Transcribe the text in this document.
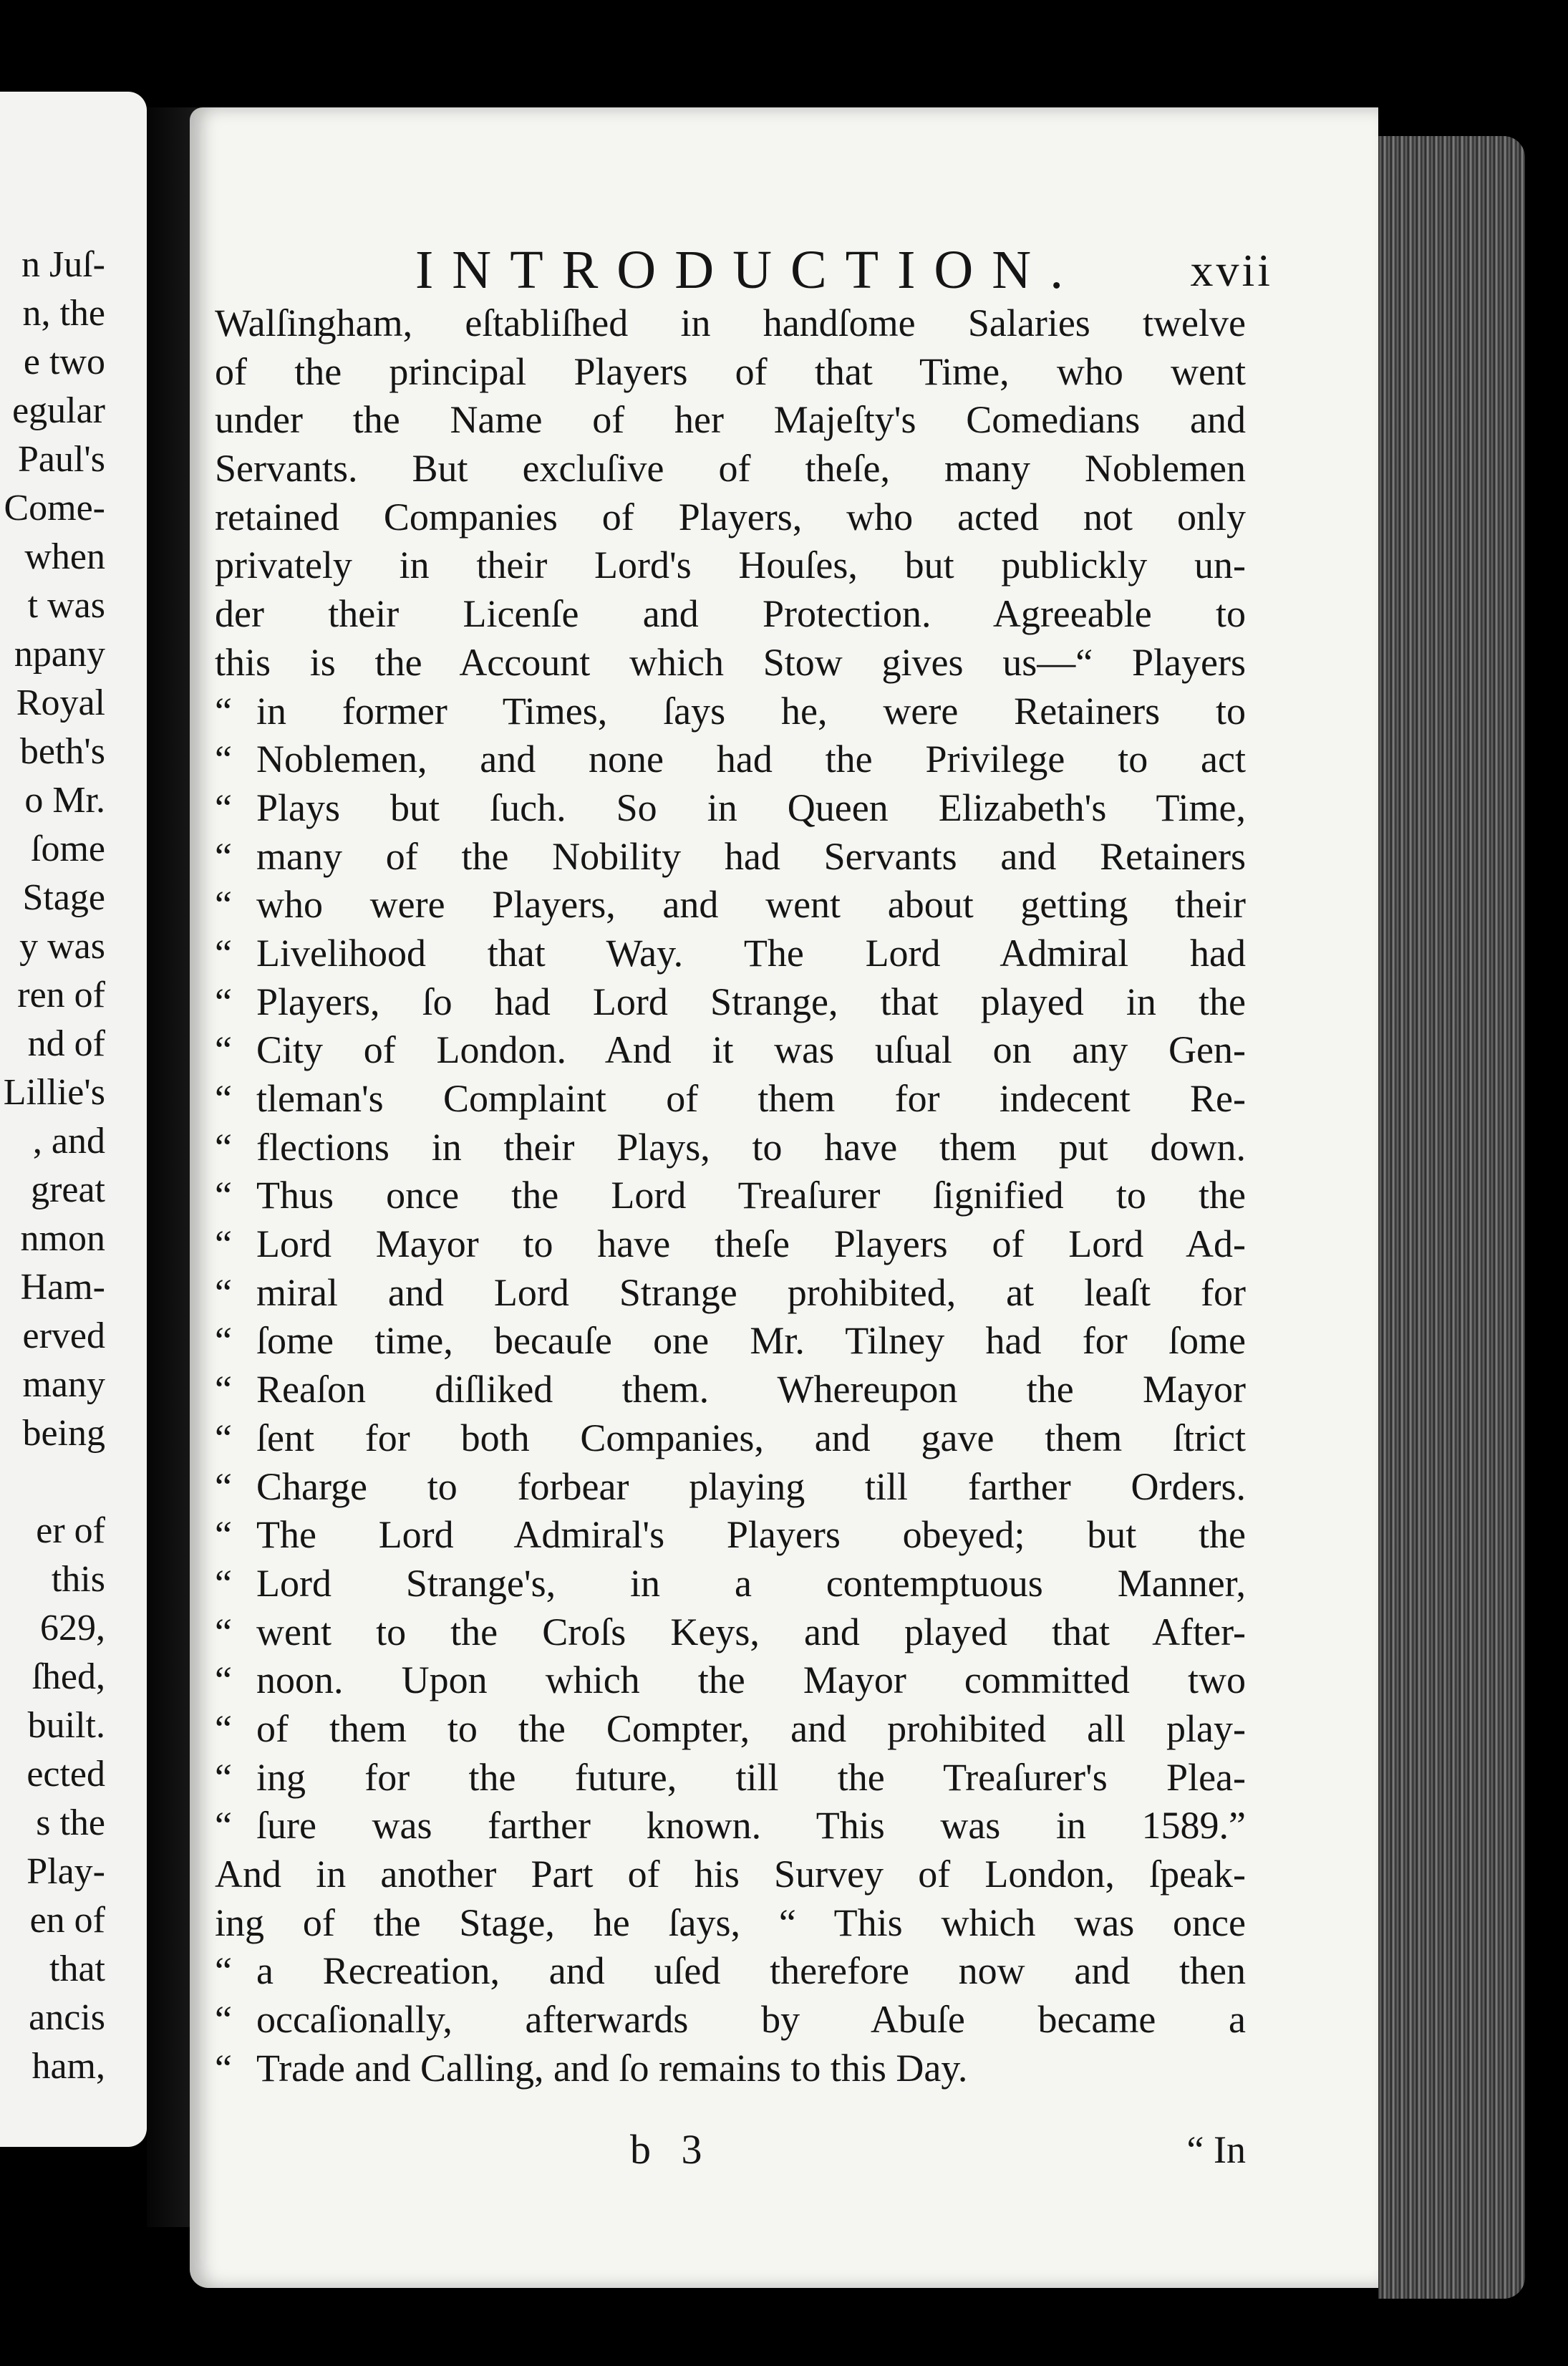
n Juſ-
n, the
e two
egular
Paul's
Come-
when
t was
npany
Royal
beth's
o Mr.
ſome
Stage
y was
ren of
nd of
Lillie's
, and
great
nmon
Ham-
erved
many
being
er of
this
629,
ſhed,
built.
ected
s the
Play-
en of
that
ancis
ham,
INTRODUCTION. xvii
Walſingham, eſtabliſhed in handſome Salaries twelve
of the principal Players of that Time, who went
under the Name of her Majeſty's Comedians and
Servants. But excluſive of theſe, many Noblemen
retained Companies of Players, who acted not only
privately in their Lord's Houſes, but publickly un-
der their Licenſe and Protection. Agreeable to
this is the Account which Stow gives us—“ Players
“ in former Times, ſays he, were Retainers to
“ Noblemen, and none had the Privilege to act
“ Plays but ſuch. So in Queen Elizabeth's Time,
“ many of the Nobility had Servants and Retainers
“ who were Players, and went about getting their
“ Livelihood that Way. The Lord Admiral had
“ Players, ſo had Lord Strange, that played in the
“ City of London. And it was uſual on any Gen-
“ tleman's Complaint of them for indecent Re-
“ flections in their Plays, to have them put down.
“ Thus once the Lord Treaſurer ſignified to the
“ Lord Mayor to have theſe Players of Lord Ad-
“ miral and Lord Strange prohibited, at leaſt for
“ ſome time, becauſe one Mr. Tilney had for ſome
“ Reaſon diſliked them. Whereupon the Mayor
“ ſent for both Companies, and gave them ſtrict
“ Charge to forbear playing till farther Orders.
“ The Lord Admiral's Players obeyed; but the
“ Lord Strange's, in a contemptuous Manner,
“ went to the Croſs Keys, and played that After-
“ noon. Upon which the Mayor committed two
“ of them to the Compter, and prohibited all play-
“ ing for the future, till the Treaſurer's Plea-
“ ſure was farther known. This was in 1589.”
And in another Part of his Survey of London, ſpeak-
ing of the Stage, he ſays, “ This which was once
“ a Recreation, and uſed therefore now and then
“ occaſionally, afterwards by Abuſe became a
“ Trade and Calling, and ſo remains to this Day.
b 3	“ In
